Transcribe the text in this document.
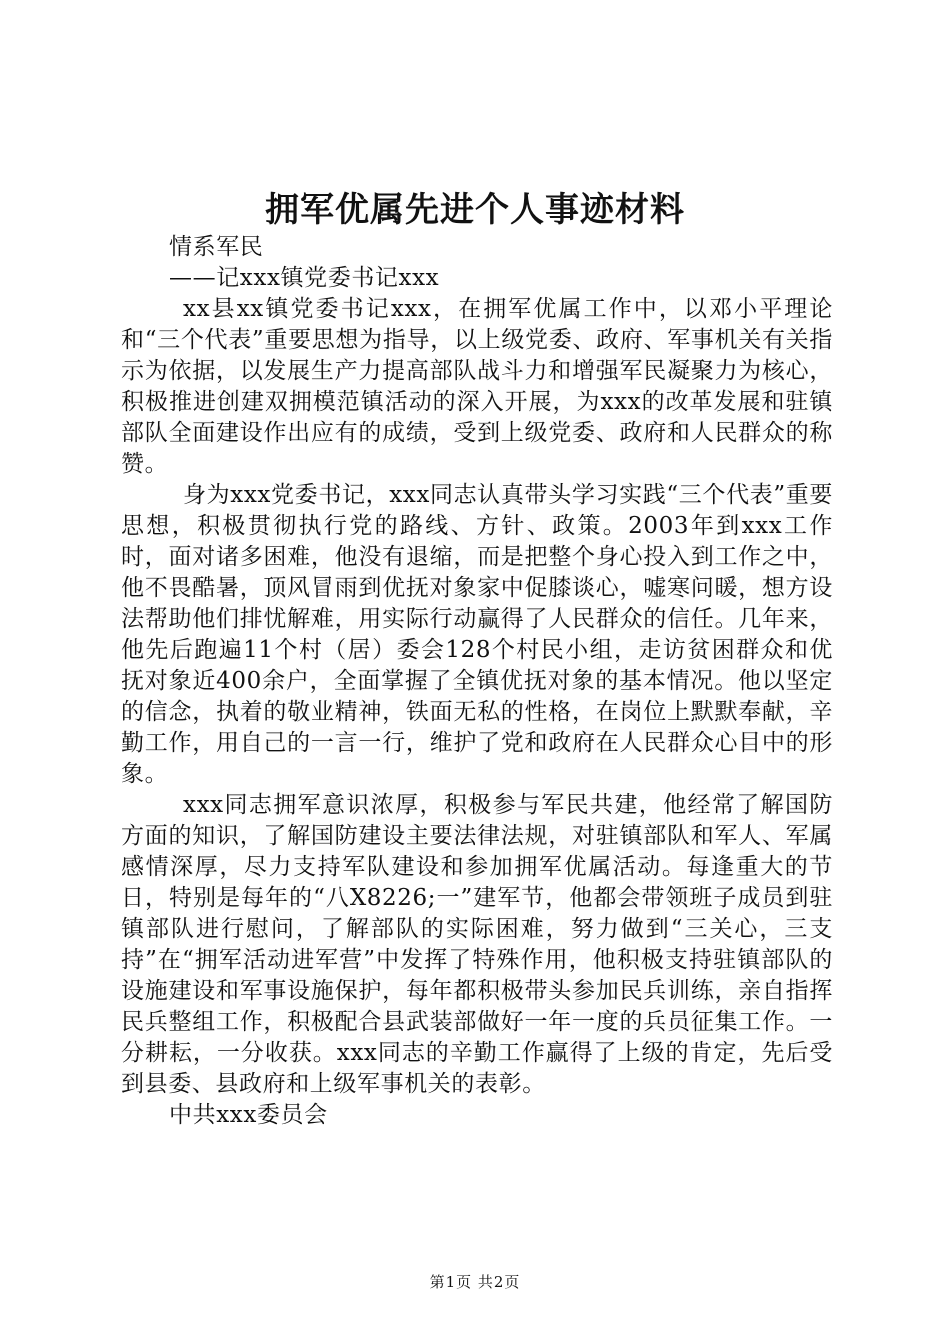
拥军优属先进个人事迹材料
情系军民
——记xxx镇党委书记xxx

xx县xx镇党委书记xxx，在拥军优属工作中，以邓小平理论和“三个代表”重要思想为指导，以上级党委、政府、军事机关有关指示为依据，以发展生产力提高部队战斗力和增强军民凝聚力为核心，积极推进创建双拥模范镇活动的深入开展，为xxx的改革发展和驻镇部队全面建设作出应有的成绩，受到上级党委、政府和人民群众的称赞。

身为xxx党委书记，xxx同志认真带头学习实践“三个代表”重要思想，积极贯彻执行党的路线、方针、政策。2003年到xxx工作时，面对诸多困难，他没有退缩，而是把整个身心投入到工作之中，他不畏酷暑，顶风冒雨到优抚对象家中促膝谈心，嘘寒问暖，想方设法帮助他们排忧解难，用实际行动赢得了人民群众的信任。几年来，他先后跑遍11个村（居）委会128个村民小组，走访贫困群众和优抚对象近400余户，全面掌握了全镇优抚对象的基本情况。他以坚定的信念，执着的敬业精神，铁面无私的性格，在岗位上默默奉献，辛勤工作，用自己的一言一行，维护了党和政府在人民群众心目中的形象。

xxx同志拥军意识浓厚，积极参与军民共建，他经常了解国防方面的知识，了解国防建设主要法律法规，对驻镇部队和军人、军属感情深厚，尽力支持军队建设和参加拥军优属活动。每逢重大的节日，特别是每年的“八X8226;一”建军节，他都会带领班子成员到驻镇部队进行慰问，了解部队的实际困难，努力做到“三关心，三支持”在“拥军活动进军营”中发挥了特殊作用，他积极支持驻镇部队的设施建设和军事设施保护，每年都积极带头参加民兵训练，亲自指挥民兵整组工作，积极配合县武装部做好一年一度的兵员征集工作。一分耕耘，一分收获。xxx同志的辛勤工作赢得了上级的肯定，先后受到县委、县政府和上级军事机关的表彰。

中共xxx委员会
第1页 共2页
